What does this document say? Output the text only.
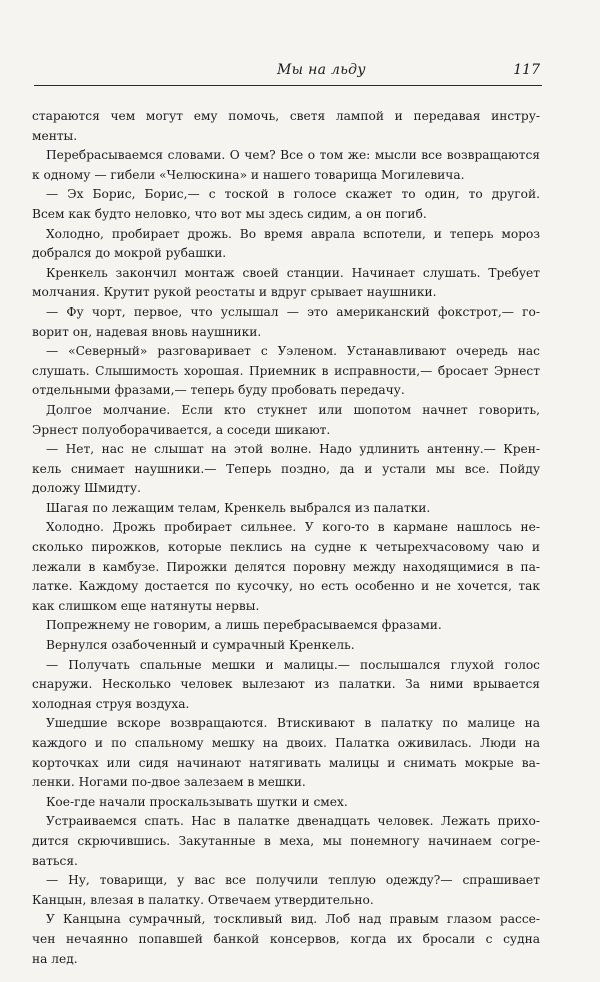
Мы на льду	117
стараются чем могут ему помочь, светя лампой и передавая инстру-
менты.
Перебрасываемся словами. О чем? Все о том же: мысли все возвращаются
к одному — гибели «Челюскина» и нашего товарища Могилевича.
— Эх Борис, Борис,— с тоской в голосе скажет то один, то другой.
Всем как будто неловко, что вот мы здесь сидим, а он погиб.
Холодно, пробирает дрожь. Во время аврала вспотели, и теперь мороз
добрался до мокрой рубашки.
Кренкель закончил монтаж своей станции. Начинает слушать. Требует
молчания. Крутит рукой реостаты и вдруг срывает наушники.
— Фу чорт, первое, что услышал — это американский фокстрот,— го-
ворит он, надевая вновь наушники.
— «Северный» разговаривает с Уэленом. Устанавливают очередь нас
слушать. Слышимость хорошая. Приемник в исправности,— бросает Эрнест
отдельными фразами,— теперь буду пробовать передачу.
Долгое молчание. Если кто стукнет или шопотом начнет говорить,
Эрнест полуоборачивается, а соседи шикают.
— Нет, нас не слышат на этой волне. Надо удлинить антенну.— Крен-
кель снимает наушники.— Теперь поздно, да и устали мы все. Пойду
доложу Шмидту.
Шагая по лежащим телам, Кренкель выбрался из палатки.
Холодно. Дрожь пробирает сильнее. У кого-то в кармане нашлось не-
сколько пирожков, которые пеклись на судне к четырехчасовому чаю и
лежали в камбузе. Пирожки делятся поровну между находящимися в па-
латке. Каждому достается по кусочку, но есть особенно и не хочется, так
как слишком еще натянуты нервы.
Попрежнему не говорим, а лишь перебрасываемся фразами.
Вернулся озабоченный и сумрачный Кренкель.
— Получать спальные мешки и малицы.— послышался глухой голос
снаружи. Несколько человек вылезают из палатки. За ними врывается
холодная струя воздуха.
Ушедшие вскоре возвращаются. Втискивают в палатку по малице на
каждого и по спальному мешку на двоих. Палатка оживилась. Люди на
корточках или сидя начинают натягивать малицы и снимать мокрые ва-
ленки. Ногами по-двое залезаем в мешки.
Кое-где начали проскальзывать шутки и смех.
Устраиваемся спать. Нас в палатке двенадцать человек. Лежать прихо-
дится скрючившись. Закутанные в меха, мы понемногу начинаем согре-
ваться.
— Ну, товарищи, у вас все получили теплую одежду?— спрашивает
Канцын, влезая в палатку. Отвечаем утвердительно.
У Канцына сумрачный, тоскливый вид. Лоб над правым глазом рассе-
чен нечаянно попавшей банкой консервов, когда их бросали с судна
на лед.
